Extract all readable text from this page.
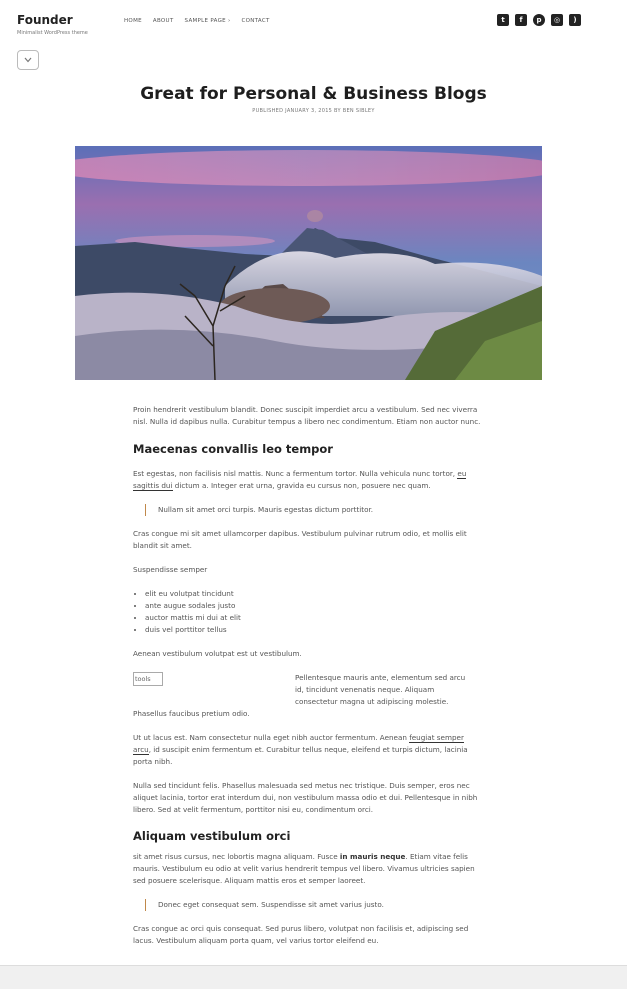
Founder
Minimalist WordPress theme
HOME ABOUT SAMPLE PAGE › CONTACT	t	f	p	◎	)
Great for Personal & Business Blogs
PUBLISHED JANUARY 3, 2015 BY BEN SIBLEY

Proin hendrerit vestibulum blandit. Donec suscipit imperdiet arcu a vestibulum. Sed nec viverra nisl. Nulla id dapibus nulla. Curabitur tempus a libero nec condimentum. Etiam non auctor nunc.

Maecenas convallis leo tempor

Est egestas, non facilisis nisl mattis. Nunc a fermentum tortor. Nulla vehicula nunc tortor, eu sagittis dui dictum a. Integer erat urna, gravida eu cursus non, posuere nec quam.

Nullam sit amet orci turpis. Mauris egestas dictum porttitor.

Cras congue mi sit amet ullamcorper dapibus. Vestibulum pulvinar rutrum odio, et mollis elit blandit sit amet.

Suspendisse semper

• elit eu volutpat tincidunt
• ante augue sodales justo
• auctor mattis mi dui at elit
• duis vel porttitor tellus

Aenean vestibulum volutpat est ut vestibulum.

tools	Pellentesque mauris ante, elementum sed arcu id, tincidunt venenatis neque. Aliquam consectetur magna ut adipiscing molestie.

Phasellus faucibus pretium odio.

Ut ut lacus est. Nam consectetur nulla eget nibh auctor fermentum. Aenean feugiat semper arcu, id suscipit enim fermentum et. Curabitur tellus neque, eleifend et turpis dictum, lacinia porta nibh.

Nulla sed tincidunt felis. Phasellus malesuada sed metus nec tristique. Duis semper, eros nec aliquet lacinia, tortor erat interdum dui, non vestibulum massa odio et dui. Pellentesque in nibh libero. Sed at velit fermentum, porttitor nisi eu, condimentum orci.

Aliquam vestibulum orci

sit amet risus cursus, nec lobortis magna aliquam. Fusce in mauris neque. Etiam vitae felis mauris. Vestibulum eu odio at velit varius hendrerit tempus vel libero. Vivamus ultricies sapien sed posuere scelerisque. Aliquam mattis eros et semper laoreet.

Donec eget consequat sem. Suspendisse sit amet varius justo.

Cras congue ac orci quis consequat. Sed purus libero, volutpat non facilisis et, adipiscing sed lacus. Vestibulum aliquam porta quam, vel varius tortor eleifend eu.
